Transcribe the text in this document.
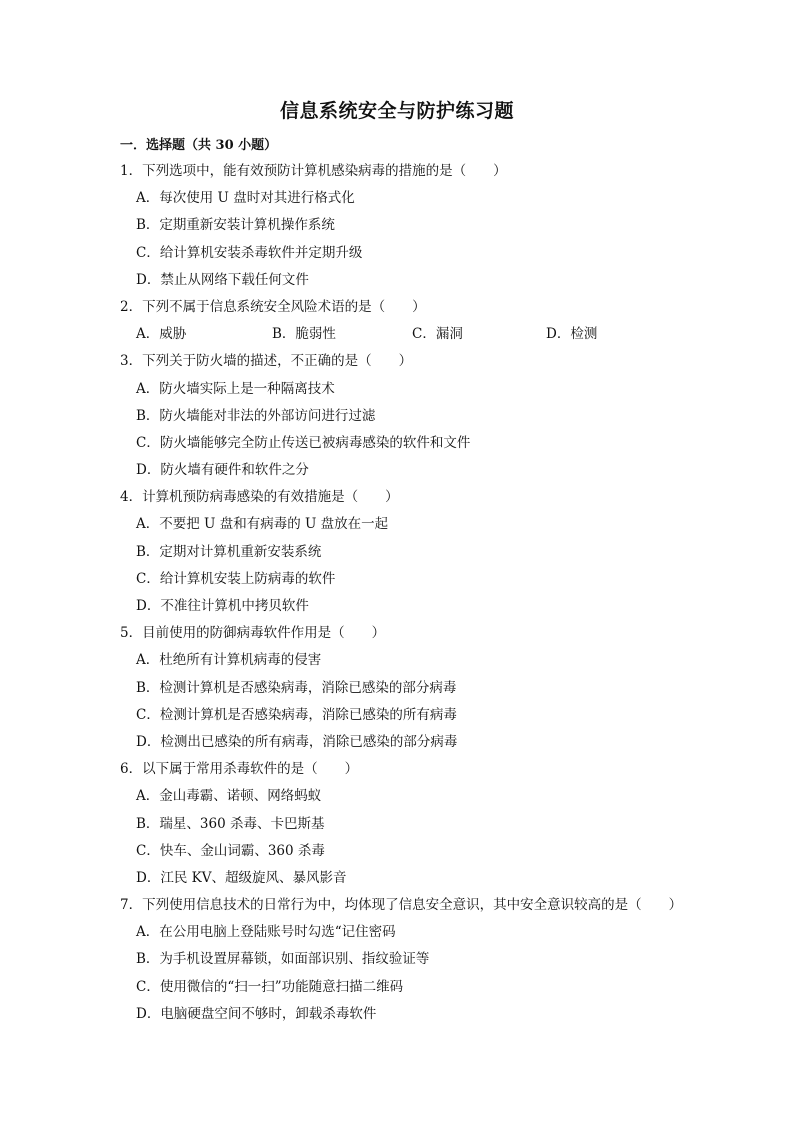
信息系统安全与防护练习题
一．选择题（共 30 小题）
1．下列选项中，能有效预防计算机感染病毒的措施的是（　　）
A．每次使用 U 盘时对其进行格式化
B．定期重新安装计算机操作系统
C．给计算机安装杀毒软件并定期升级
D．禁止从网络下载任何文件
2．下列不属于信息系统安全风险术语的是（　　）
A．威胁	B．脆弱性	C．漏洞	D．检测
3．下列关于防火墙的描述，不正确的是（　　）
A．防火墙实际上是一种隔离技术
B．防火墙能对非法的外部访问进行过滤
C．防火墙能够完全防止传送已被病毒感染的软件和文件
D．防火墙有硬件和软件之分
4．计算机预防病毒感染的有效措施是（　　）
A．不要把 U 盘和有病毒的 U 盘放在一起
B．定期对计算机重新安装系统
C．给计算机安装上防病毒的软件
D．不准往计算机中拷贝软件
5．目前使用的防御病毒软件作用是（　　）
A．杜绝所有计算机病毒的侵害
B．检测计算机是否感染病毒，消除已感染的部分病毒
C．检测计算机是否感染病毒，消除已感染的所有病毒
D．检测出已感染的所有病毒，消除已感染的部分病毒
6．以下属于常用杀毒软件的是（　　）
A．金山毒霸、诺顿、网络蚂蚁
B．瑞星、360 杀毒、卡巴斯基
C．快车、金山词霸、360 杀毒
D．江民 KV、超级旋风、暴风影音
7．下列使用信息技术的日常行为中，均体现了信息安全意识，其中安全意识较高的是（　　）
A．在公用电脑上登陆账号时勾选“记住密码
B．为手机设置屏幕锁，如面部识别、指纹验证等
C．使用微信的“扫一扫”功能随意扫描二维码
D．电脑硬盘空间不够时，卸载杀毒软件
